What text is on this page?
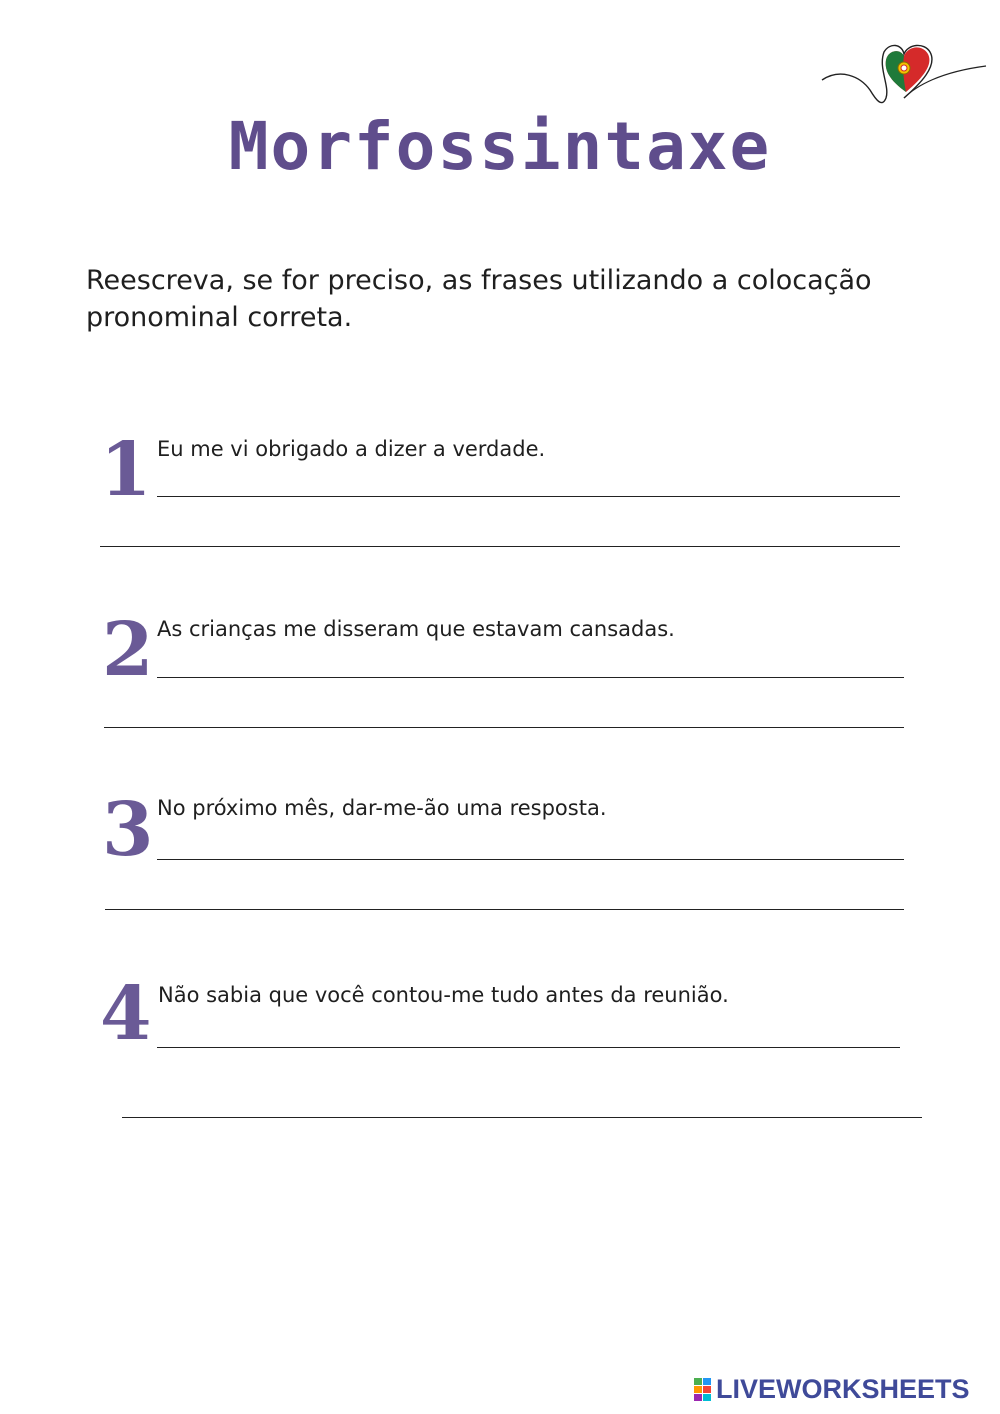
Morfossintaxe

Reescreva, se for preciso, as frases utilizando a colocação pronominal correta.

1 Eu me vi obrigado a dizer a verdade.
2 As crianças me disseram que estavam cansadas.
3 No próximo mês, dar-me-ão uma resposta.
4 Não sabia que você contou-me tudo antes da reunião.
LIVEWORKSHEETS
